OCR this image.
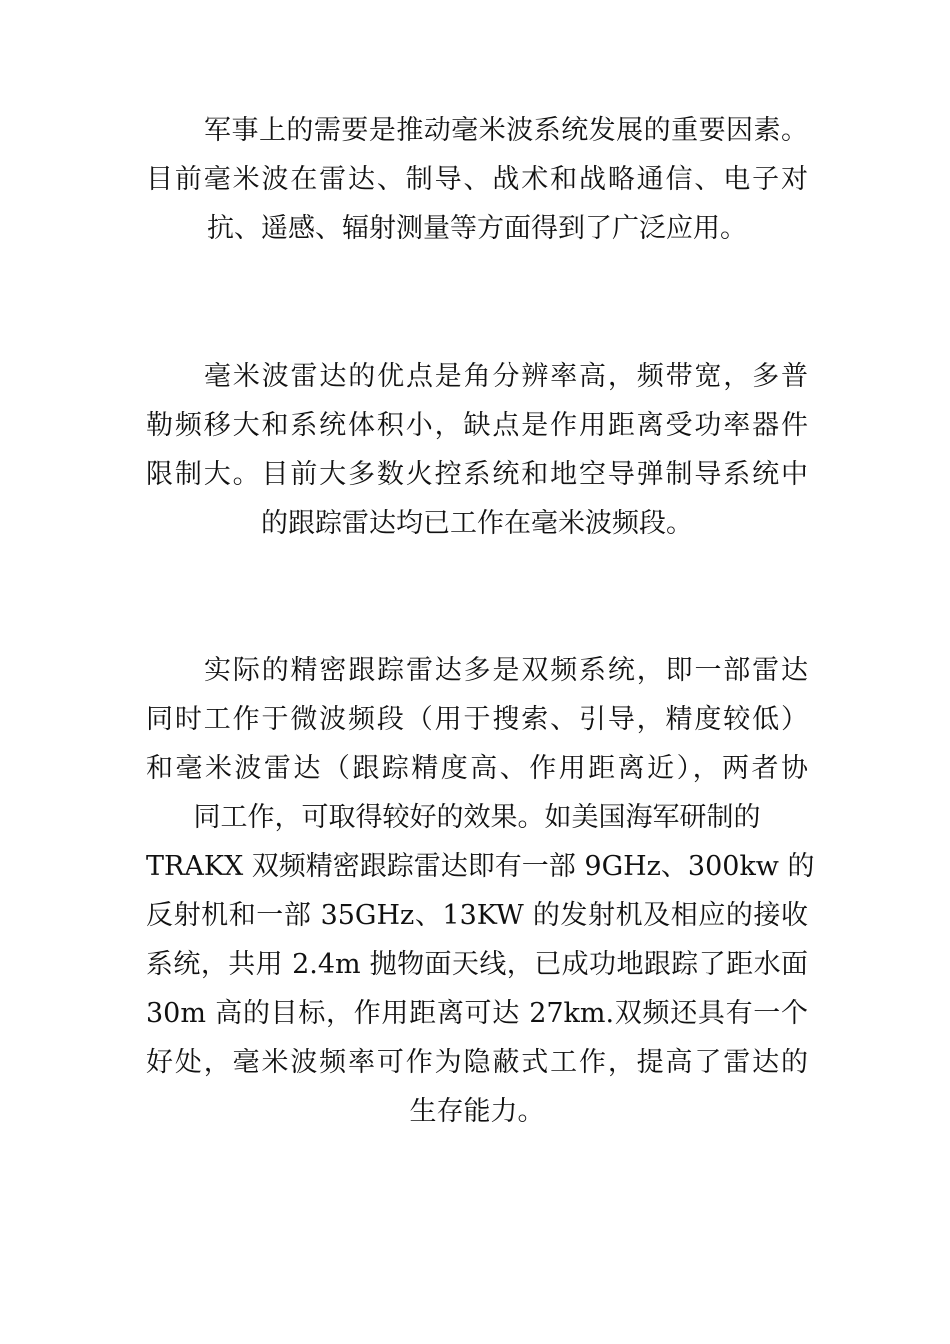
军事上的需要是推动毫米波系统发展的重要因素。
目前毫米波在雷达、制导、战术和战略通信、电子对
抗、遥感、辐射测量等方面得到了广泛应用。
毫米波雷达的优点是角分辨率高，频带宽，多普
勒频移大和系统体积小，缺点是作用距离受功率器件
限制大。目前大多数火控系统和地空导弹制导系统中
的跟踪雷达均已工作在毫米波频段。
实际的精密跟踪雷达多是双频系统，即一部雷达
同时工作于微波频段（用于搜索、引导，精度较低）
和毫米波雷达（跟踪精度高、作用距离近），两者协
同工作，可取得较好的效果。如美国海军研制的
TRAKX 双频精密跟踪雷达即有一部 9GHz、300kw 的
反射机和一部 35GHz、13KW 的发射机及相应的接收
系统，共用 2.4m 抛物面天线，已成功地跟踪了距水面
30m 高的目标，作用距离可达 27km.双频还具有一个
好处，毫米波频率可作为隐蔽式工作，提高了雷达的
生存能力。
